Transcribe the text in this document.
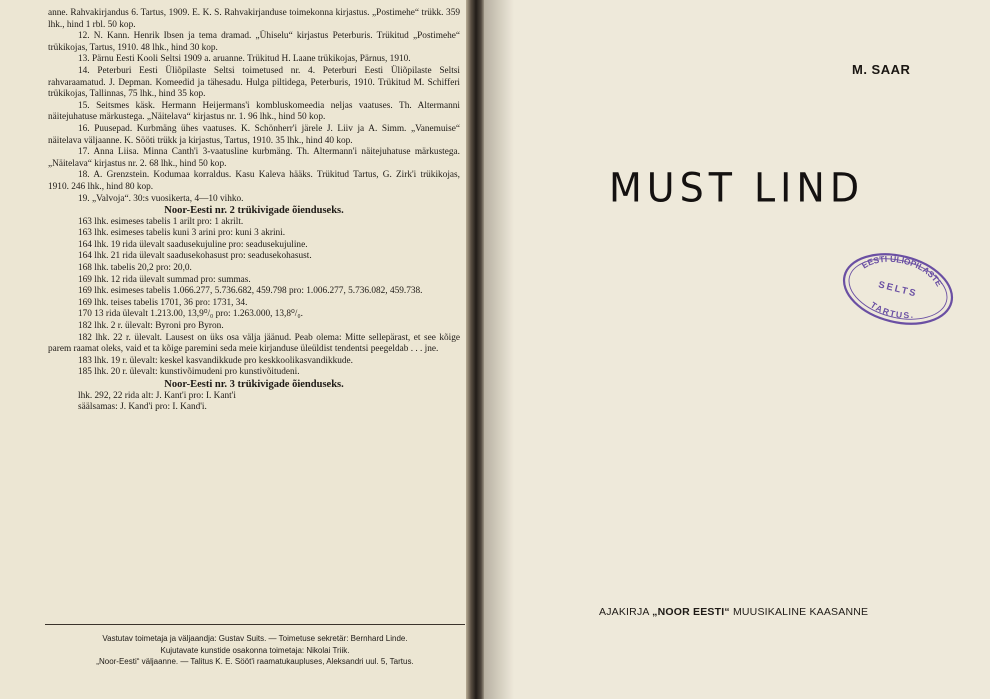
anne. Rahvakirjandus 6. Tartus, 1909. E. K. S. Rahvakirjanduse toimekonna kirjastus. „Postimehe“ trükk. 359 lhk., hind 1 rbl. 50 kop.

12. N. Kann. Henrik Ibsen ja tema dramad. „Ühiselu“ kirjastus Peterburis. Trükitud „Postimehe“ trükikojas, Tartus, 1910. 48 lhk., hind 30 kop.

13. Pärnu Eesti Kooli Seltsi 1909 a. aruanne. Trükitud H. Laane trükikojas, Pärnus, 1910.

14. Peterburi Eesti Üliõpilaste Seltsi toimetused nr. 4. Peterburi Eesti Üliõpilaste Seltsi rahvaraamatud. J. Depman. Komeedid ja tähesadu. Hulga piltidega, Peterburis, 1910. Trükitud M. Schifferi trükikojas, Tallinnas, 75 lhk., hind 35 kop.

15. Seitsmes käsk. Hermann Heijermans'i kombluskomeedia neljas vaatuses. Th. Altermanni näitejuhatuse märkustega. „Näitelava“ kirjastus nr. 1. 96 lhk., hind 50 kop.

16. Puusepad. Kurbmäng ühes vaatuses. K. Schönherr'i järele J. Liiv ja A. Simm. „Vanemuise“ näitelava väljaanne. K. Sööti trükk ja kirjastus, Tartus, 1910. 35 lhk., hind 40 kop.

17. Anna Liisa. Minna Canth'i 3-vaatusline kurbmäng. Th. Altermann'i näitejuhatuse märkustega. „Näitelava“ kirjastus nr. 2. 68 lhk., hind 50 kop.

18. A. Grenzstein. Kodumaa korraldus. Kasu Kaleva hääks. Trükitud Tartus, G. Zirk'i trükikojas, 1910. 246 lhk., hind 80 kop.

19. „Valvoja“. 30:s vuosikerta, 4—10 vihko.

Noor-Eesti nr. 2 trükivigade õienduseks.

163 lhk. esimeses tabelis 1 arilt pro: 1 akrilt.

163 lhk. esimeses tabelis kuni 3 arini pro: kuni 3 akrini.

164 lhk. 19 rida ülevalt saadusekujuline pro: seadusekujuline.

164 lhk. 21 rida ülevalt saadusekohasust pro: seadusekohasust.

168 lhk. tabelis 20,2 pro: 20,0.

169 lhk. 12 rida ülevalt summad pro: summas.

169 lhk. esimeses tabelis 1.066.277, 5.736.682, 459.798 pro: 1.006.277, 5.736.082, 459.738.

169 lhk. teises tabelis 1701, 36 pro: 1731, 34.

170 13 rida ülevalt 1.213.00, 13,9⁰/₀ pro: 1.263.000, 13,8⁰/₀.

182 lhk. 2 r. ülevalt: Byroni pro Byron.

182 lhk. 22 r. ülevalt. Lausest on üks osa välja jäänud. Peab olema: Mitte sellepärast, et see kõige parem raamat oleks, vaid et ta kõige paremini seda meie kirjanduse üleüldist tendentsi peegeldab . . . jne.

183 lhk. 19 r. ülevalt: keskel kasvandikkude pro keskkoolikasvandikkude.

185 lhk. 20 r. ülevalt: kunstivõimudeni pro kunstivõitudeni.

Noor-Eesti nr. 3 trükivigade õienduseks.

lhk. 292, 22 rida alt: J. Kant'i pro: I. Kant'i

säälsamas: J. Kand'i pro: I. Kand'i.

Vastutav toimetaja ja väljaandja: Gustav Suits. — Toimetuse sekretär: Bernhard Linde.
Kujutavate kunstide osakonna toimetaja: Nikolai Triik.
„Noor-Eesti“ väljaanne. — Talitus K. E. Sööt'i raamatukaupluses, Aleksandri uul. 5, Tartus.
M. SAAR
MUST LIND
EESTI ÜLIÕPILASTE
SELTS
TARTUS.
AJAKIRJA „NOOR EESTI“ MUUSIKALINE KAASANNE
